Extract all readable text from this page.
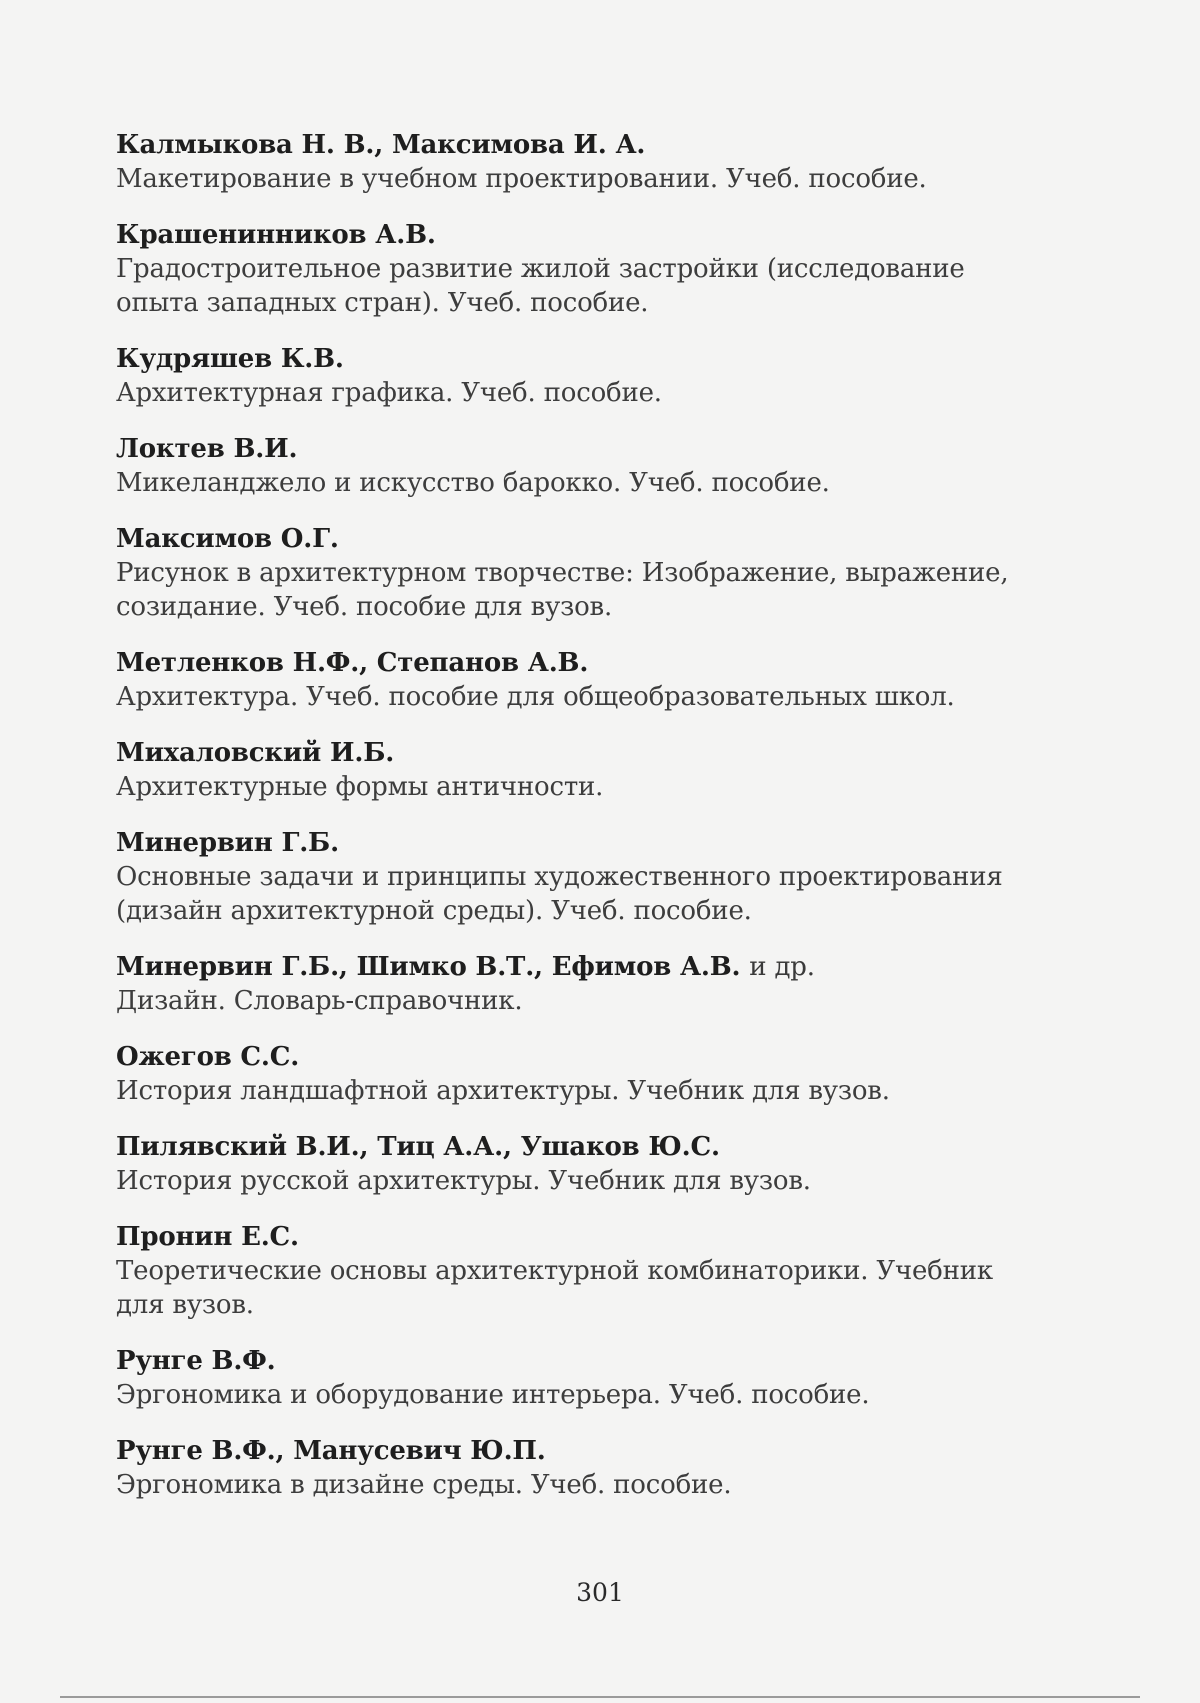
Калмыкова Н. В., Максимова И. А.
Макетирование в учебном проектировании. Учеб. пособие.
Крашенинников А.В.
Градостроительное развитие жилой застройки (исследование опыта западных стран). Учеб. пособие.
Кудряшев К.В.
Архитектурная графика. Учеб. пособие.
Локтев В.И.
Микеланджело и искусство барокко. Учеб. пособие.
Максимов О.Г.
Рисунок в архитектурном творчестве: Изображение, выражение, созидание. Учеб. пособие для вузов.
Метленков Н.Ф., Степанов А.В.
Архитектура. Учеб. пособие для общеобразовательных школ.
Михаловский И.Б.
Архитектурные формы античности.
Минервин Г.Б.
Основные задачи и принципы художественного проектирования (дизайн архитектурной среды). Учеб. пособие.
Минервин Г.Б., Шимко В.Т., Ефимов А.В. и др.
Дизайн. Словарь-справочник.
Ожегов С.С.
История ландшафтной архитектуры. Учебник для вузов.
Пилявский В.И., Тиц А.А., Ушаков Ю.С.
История русской архитектуры. Учебник для вузов.
Пронин Е.С.
Теоретические основы архитектурной комбинаторики. Учебник для вузов.
Рунге В.Ф.
Эргономика и оборудование интерьера. Учеб. пособие.
Рунге В.Ф., Манусевич Ю.П.
Эргономика в дизайне среды. Учеб. пособие.
301
